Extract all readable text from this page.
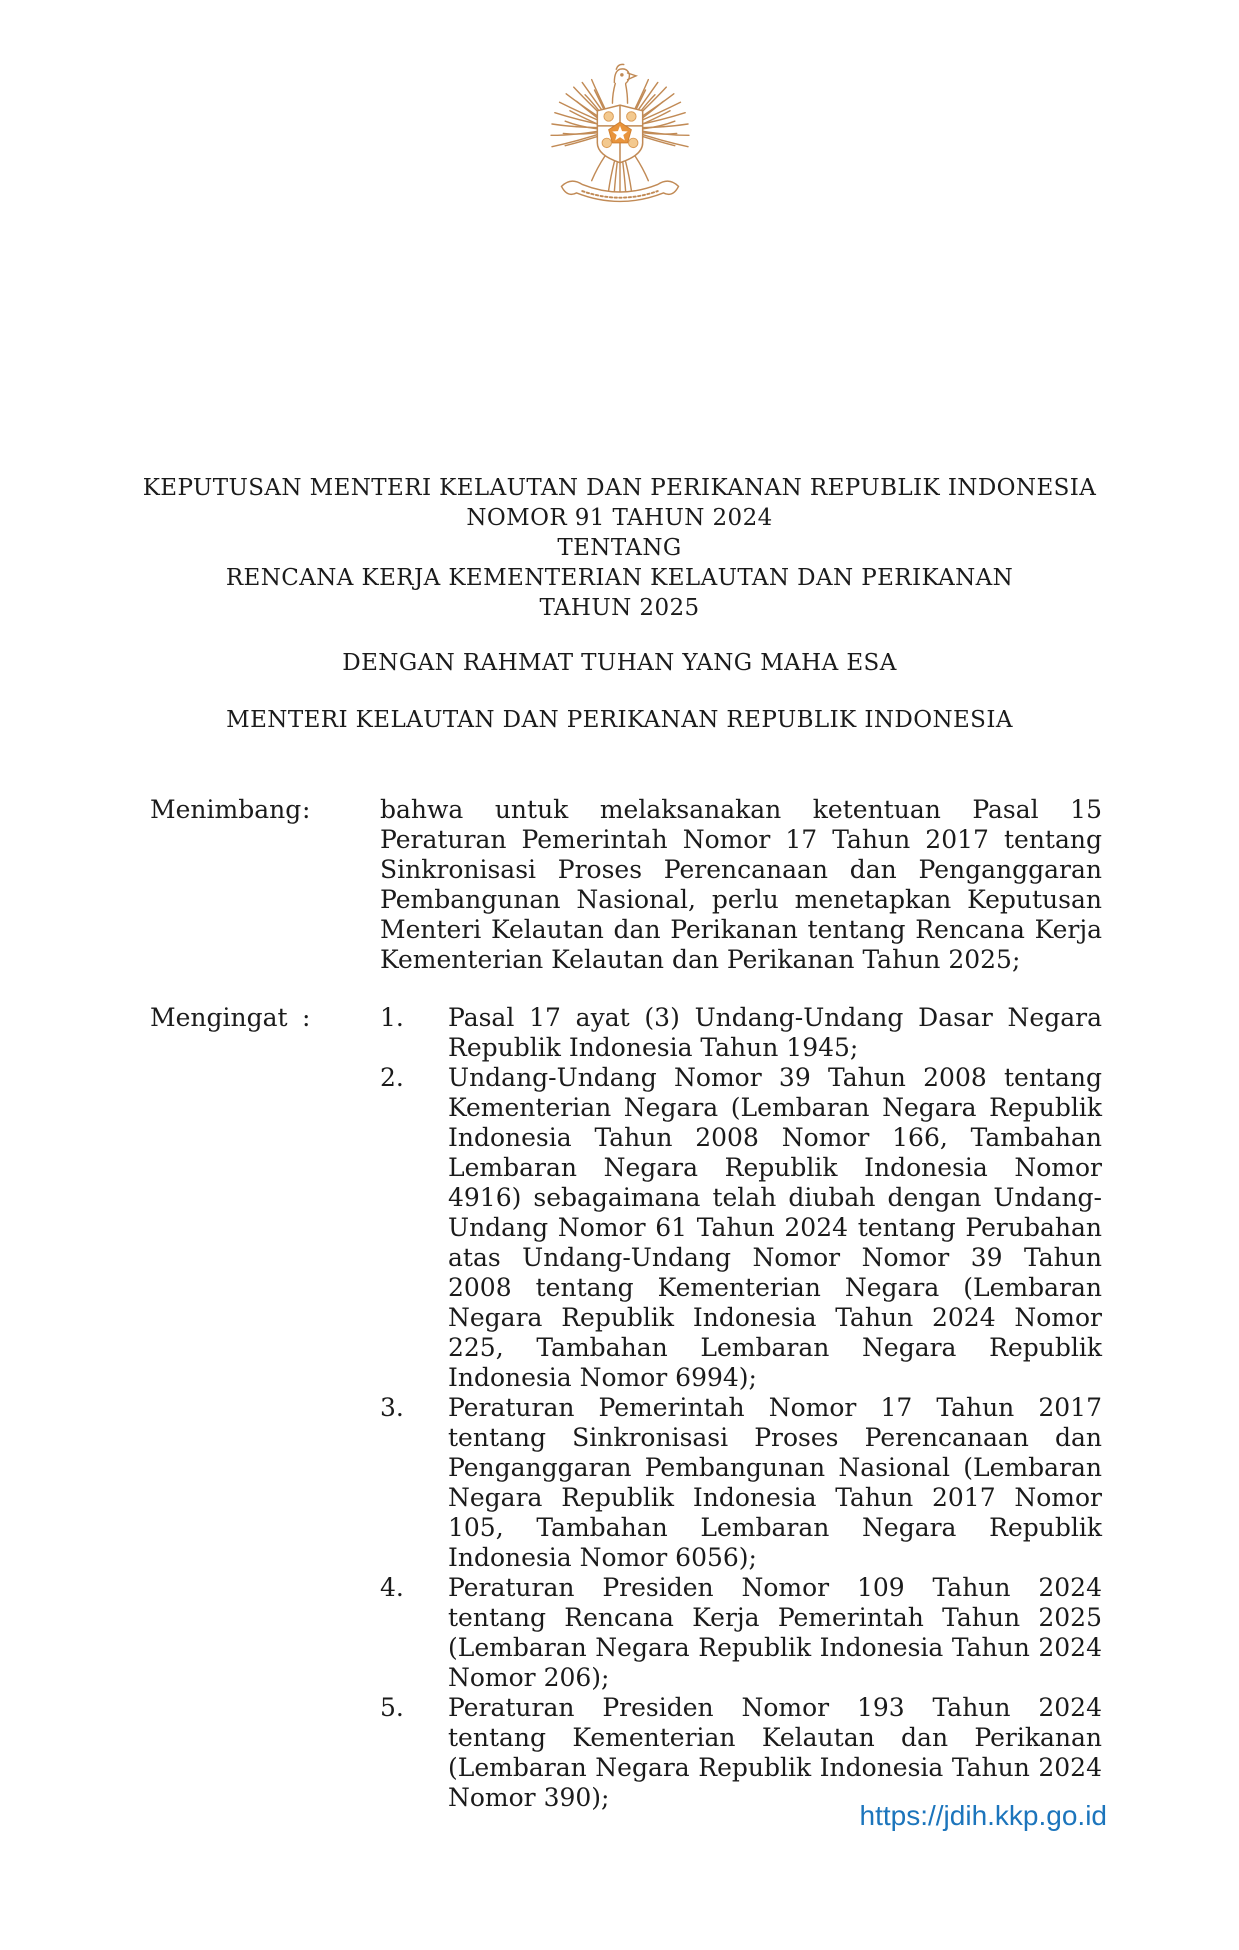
KEPUTUSAN MENTERI KELAUTAN DAN PERIKANAN REPUBLIK INDONESIA
NOMOR 91 TAHUN 2024
TENTANG
RENCANA KERJA KEMENTERIAN KELAUTAN DAN PERIKANAN
TAHUN 2025
DENGAN RAHMAT TUHAN YANG MAHA ESA
MENTERI KELAUTAN DAN PERIKANAN REPUBLIK INDONESIA
Menimbang :	bahwa untuk melaksanakan ketentuan Pasal 15 Peraturan Pemerintah Nomor 17 Tahun 2017 tentang Sinkronisasi Proses Perencanaan dan Penganggaran Pembangunan Nasional, perlu menetapkan Keputusan Menteri Kelautan dan Perikanan tentang Rencana Kerja Kementerian Kelautan dan Perikanan Tahun 2025;
Mengingat :	1.	Pasal 17 ayat (3) Undang-Undang Dasar Negara Republik Indonesia Tahun 1945;
2.	Undang-Undang Nomor 39 Tahun 2008 tentang Kementerian Negara (Lembaran Negara Republik Indonesia Tahun 2008 Nomor 166, Tambahan Lembaran Negara Republik Indonesia Nomor 4916) sebagaimana telah diubah dengan Undang-Undang Nomor 61 Tahun 2024 tentang Perubahan atas Undang-Undang Nomor Nomor 39 Tahun 2008 tentang Kementerian Negara (Lembaran Negara Republik Indonesia Tahun 2024 Nomor 225, Tambahan Lembaran Negara Republik Indonesia Nomor 6994);
3.	Peraturan Pemerintah Nomor 17 Tahun 2017 tentang Sinkronisasi Proses Perencanaan dan Penganggaran Pembangunan Nasional (Lembaran Negara Republik Indonesia Tahun 2017 Nomor 105, Tambahan Lembaran Negara Republik Indonesia Nomor 6056);
4.	Peraturan Presiden Nomor 109 Tahun 2024 tentang Rencana Kerja Pemerintah Tahun 2025 (Lembaran Negara Republik Indonesia Tahun 2024 Nomor 206);
5.	Peraturan Presiden Nomor 193 Tahun 2024 tentang Kementerian Kelautan dan Perikanan (Lembaran Negara Republik Indonesia Tahun 2024 Nomor 390);
https://jdih.kkp.go.id
